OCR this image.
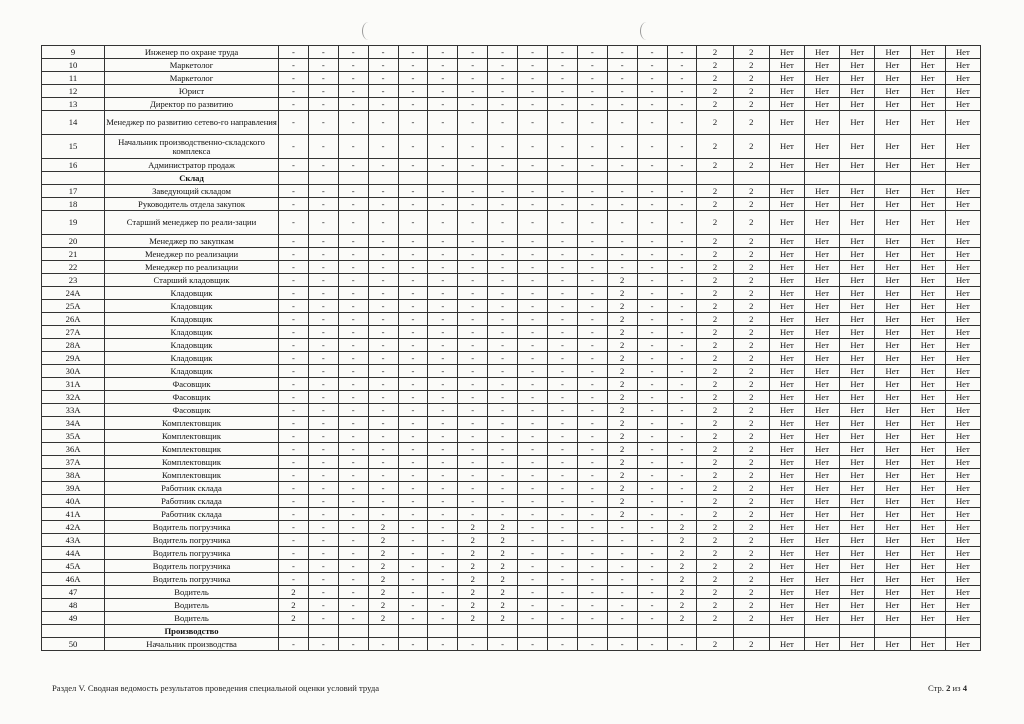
9	Инженер по охране труда	-	-	-	-	-	-	-	-	-	-	-	-	-	-	2	2	Нет	Нет	Нет	Нет	Нет	Нет
10	Маркетолог	-	-	-	-	-	-	-	-	-	-	-	-	-	-	2	2	Нет	Нет	Нет	Нет	Нет	Нет
11	Маркетолог	-	-	-	-	-	-	-	-	-	-	-	-	-	-	2	2	Нет	Нет	Нет	Нет	Нет	Нет
12	Юрист	-	-	-	-	-	-	-	-	-	-	-	-	-	-	2	2	Нет	Нет	Нет	Нет	Нет	Нет
13	Директор по развитию	-	-	-	-	-	-	-	-	-	-	-	-	-	-	2	2	Нет	Нет	Нет	Нет	Нет	Нет
14	Менеджер по развитию сетево-го направления	-	-	-	-	-	-	-	-	-	-	-	-	-	-	2	2	Нет	Нет	Нет	Нет	Нет	Нет
15	Начальник производственно-складского комплекса	-	-	-	-	-	-	-	-	-	-	-	-	-	-	2	2	Нет	Нет	Нет	Нет	Нет	Нет
16	Администратор продаж	-	-	-	-	-	-	-	-	-	-	-	-	-	-	2	2	Нет	Нет	Нет	Нет	Нет	Нет
	Склад																						
17	Заведующий складом	-	-	-	-	-	-	-	-	-	-	-	-	-	-	2	2	Нет	Нет	Нет	Нет	Нет	Нет
18	Руководитель отдела закупок	-	-	-	-	-	-	-	-	-	-	-	-	-	-	2	2	Нет	Нет	Нет	Нет	Нет	Нет
19	Старший менеджер по реали-зации	-	-	-	-	-	-	-	-	-	-	-	-	-	-	2	2	Нет	Нет	Нет	Нет	Нет	Нет
20	Менеджер по закупкам	-	-	-	-	-	-	-	-	-	-	-	-	-	-	2	2	Нет	Нет	Нет	Нет	Нет	Нет
21	Менеджер по реализации	-	-	-	-	-	-	-	-	-	-	-	-	-	-	2	2	Нет	Нет	Нет	Нет	Нет	Нет
22	Менеджер по реализации	-	-	-	-	-	-	-	-	-	-	-	-	-	-	2	2	Нет	Нет	Нет	Нет	Нет	Нет
23	Старший кладовщик	-	-	-	-	-	-	-	-	-	-	-	2	-	-	2	2	Нет	Нет	Нет	Нет	Нет	Нет
24А	Кладовщик	-	-	-	-	-	-	-	-	-	-	-	2	-	-	2	2	Нет	Нет	Нет	Нет	Нет	Нет
25А	Кладовщик	-	-	-	-	-	-	-	-	-	-	-	2	-	-	2	2	Нет	Нет	Нет	Нет	Нет	Нет
26А	Кладовщик	-	-	-	-	-	-	-	-	-	-	-	2	-	-	2	2	Нет	Нет	Нет	Нет	Нет	Нет
27А	Кладовщик	-	-	-	-	-	-	-	-	-	-	-	2	-	-	2	2	Нет	Нет	Нет	Нет	Нет	Нет
28А	Кладовщик	-	-	-	-	-	-	-	-	-	-	-	2	-	-	2	2	Нет	Нет	Нет	Нет	Нет	Нет
29А	Кладовщик	-	-	-	-	-	-	-	-	-	-	-	2	-	-	2	2	Нет	Нет	Нет	Нет	Нет	Нет
30А	Кладовщик	-	-	-	-	-	-	-	-	-	-	-	2	-	-	2	2	Нет	Нет	Нет	Нет	Нет	Нет
31А	Фасовщик	-	-	-	-	-	-	-	-	-	-	-	2	-	-	2	2	Нет	Нет	Нет	Нет	Нет	Нет
32А	Фасовщик	-	-	-	-	-	-	-	-	-	-	-	2	-	-	2	2	Нет	Нет	Нет	Нет	Нет	Нет
33А	Фасовщик	-	-	-	-	-	-	-	-	-	-	-	2	-	-	2	2	Нет	Нет	Нет	Нет	Нет	Нет
34А	Комплектовщик	-	-	-	-	-	-	-	-	-	-	-	2	-	-	2	2	Нет	Нет	Нет	Нет	Нет	Нет
35А	Комплектовщик	-	-	-	-	-	-	-	-	-	-	-	2	-	-	2	2	Нет	Нет	Нет	Нет	Нет	Нет
36А	Комплектовщик	-	-	-	-	-	-	-	-	-	-	-	2	-	-	2	2	Нет	Нет	Нет	Нет	Нет	Нет
37А	Комплектовщик	-	-	-	-	-	-	-	-	-	-	-	2	-	-	2	2	Нет	Нет	Нет	Нет	Нет	Нет
38А	Комплектовщик	-	-	-	-	-	-	-	-	-	-	-	2	-	-	2	2	Нет	Нет	Нет	Нет	Нет	Нет
39А	Работник склада	-	-	-	-	-	-	-	-	-	-	-	2	-	-	2	2	Нет	Нет	Нет	Нет	Нет	Нет
40А	Работник склада	-	-	-	-	-	-	-	-	-	-	-	2	-	-	2	2	Нет	Нет	Нет	Нет	Нет	Нет
41А	Работник склада	-	-	-	-	-	-	-	-	-	-	-	2	-	-	2	2	Нет	Нет	Нет	Нет	Нет	Нет
42А	Водитель погрузчика	-	-	-	2	-	-	2	2	-	-	-	-	-	2	2	2	Нет	Нет	Нет	Нет	Нет	Нет
43А	Водитель погрузчика	-	-	-	2	-	-	2	2	-	-	-	-	-	2	2	2	Нет	Нет	Нет	Нет	Нет	Нет
44А	Водитель погрузчика	-	-	-	2	-	-	2	2	-	-	-	-	-	2	2	2	Нет	Нет	Нет	Нет	Нет	Нет
45А	Водитель погрузчика	-	-	-	2	-	-	2	2	-	-	-	-	-	2	2	2	Нет	Нет	Нет	Нет	Нет	Нет
46А	Водитель погрузчика	-	-	-	2	-	-	2	2	-	-	-	-	-	2	2	2	Нет	Нет	Нет	Нет	Нет	Нет
47	Водитель	2	-	-	2	-	-	2	2	-	-	-	-	-	2	2	2	Нет	Нет	Нет	Нет	Нет	Нет
48	Водитель	2	-	-	2	-	-	2	2	-	-	-	-	-	2	2	2	Нет	Нет	Нет	Нет	Нет	Нет
49	Водитель	2	-	-	2	-	-	2	2	-	-	-	-	-	2	2	2	Нет	Нет	Нет	Нет	Нет	Нет
	Производство																						
50	Начальник производства	-	-	-	-	-	-	-	-	-	-	-	-	-	-	2	2	Нет	Нет	Нет	Нет	Нет	Нет
Раздел V. Сводная ведомость результатов проведения специальной оценки условий труда	Стр. 2 из 4
